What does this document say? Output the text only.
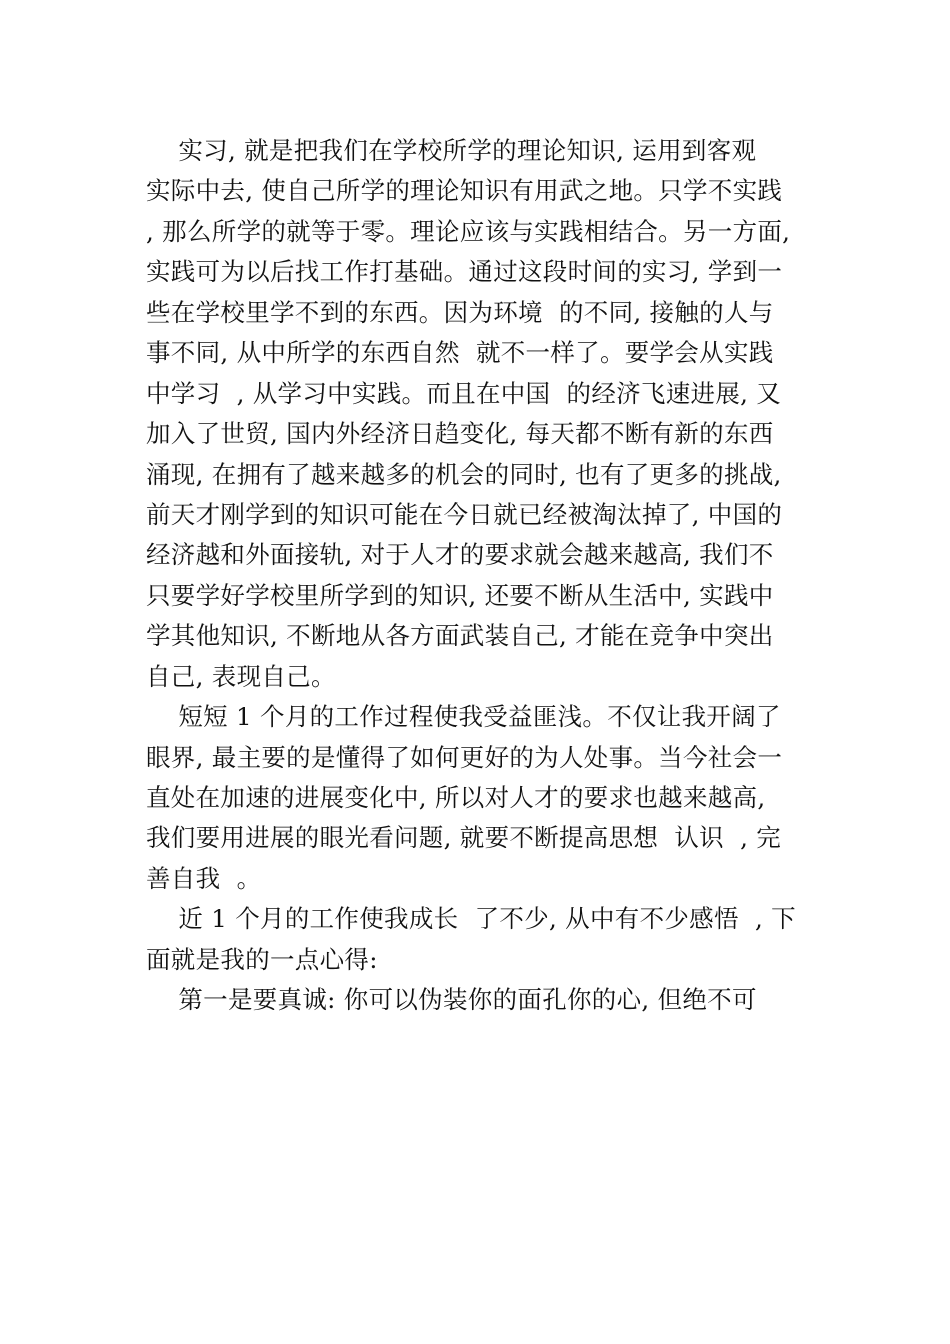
实习, 就是把我们在学校所学的理论知识, 运用到客观
实际中去, 使自己所学的理论知识有用武之地。只学不实践
, 那么所学的就等于零。理论应该与实践相结合。另一方面,
实践可为以后找工作打基础。通过这段时间的实习, 学到一
些在学校里学不到的东西。因为环境  的不同, 接触的人与
事不同, 从中所学的东西自然  就不一样了。要学会从实践
中学习  , 从学习中实践。而且在中国  的经济飞速进展, 又
加入了世贸, 国内外经济日趋变化, 每天都不断有新的东西
涌现, 在拥有了越来越多的机会的同时, 也有了更多的挑战,
前天才刚学到的知识可能在今日就已经被淘汰掉了, 中国的
经济越和外面接轨, 对于人才的要求就会越来越高, 我们不
只要学好学校里所学到的知识, 还要不断从生活中, 实践中
学其他知识, 不断地从各方面武装自己, 才能在竞争中突出
自己, 表现自己。
短短 1 个月的工作过程使我受益匪浅。不仅让我开阔了
眼界, 最主要的是懂得了如何更好的为人处事。当今社会一
直处在加速的进展变化中, 所以对人才的要求也越来越高,
我们要用进展的眼光看问题, 就要不断提高思想  认识  , 完
善自我  。
近 1 个月的工作使我成长  了不少, 从中有不少感悟  , 下
面就是我的一点心得:
第一是要真诚: 你可以伪装你的面孔你的心, 但绝不可
